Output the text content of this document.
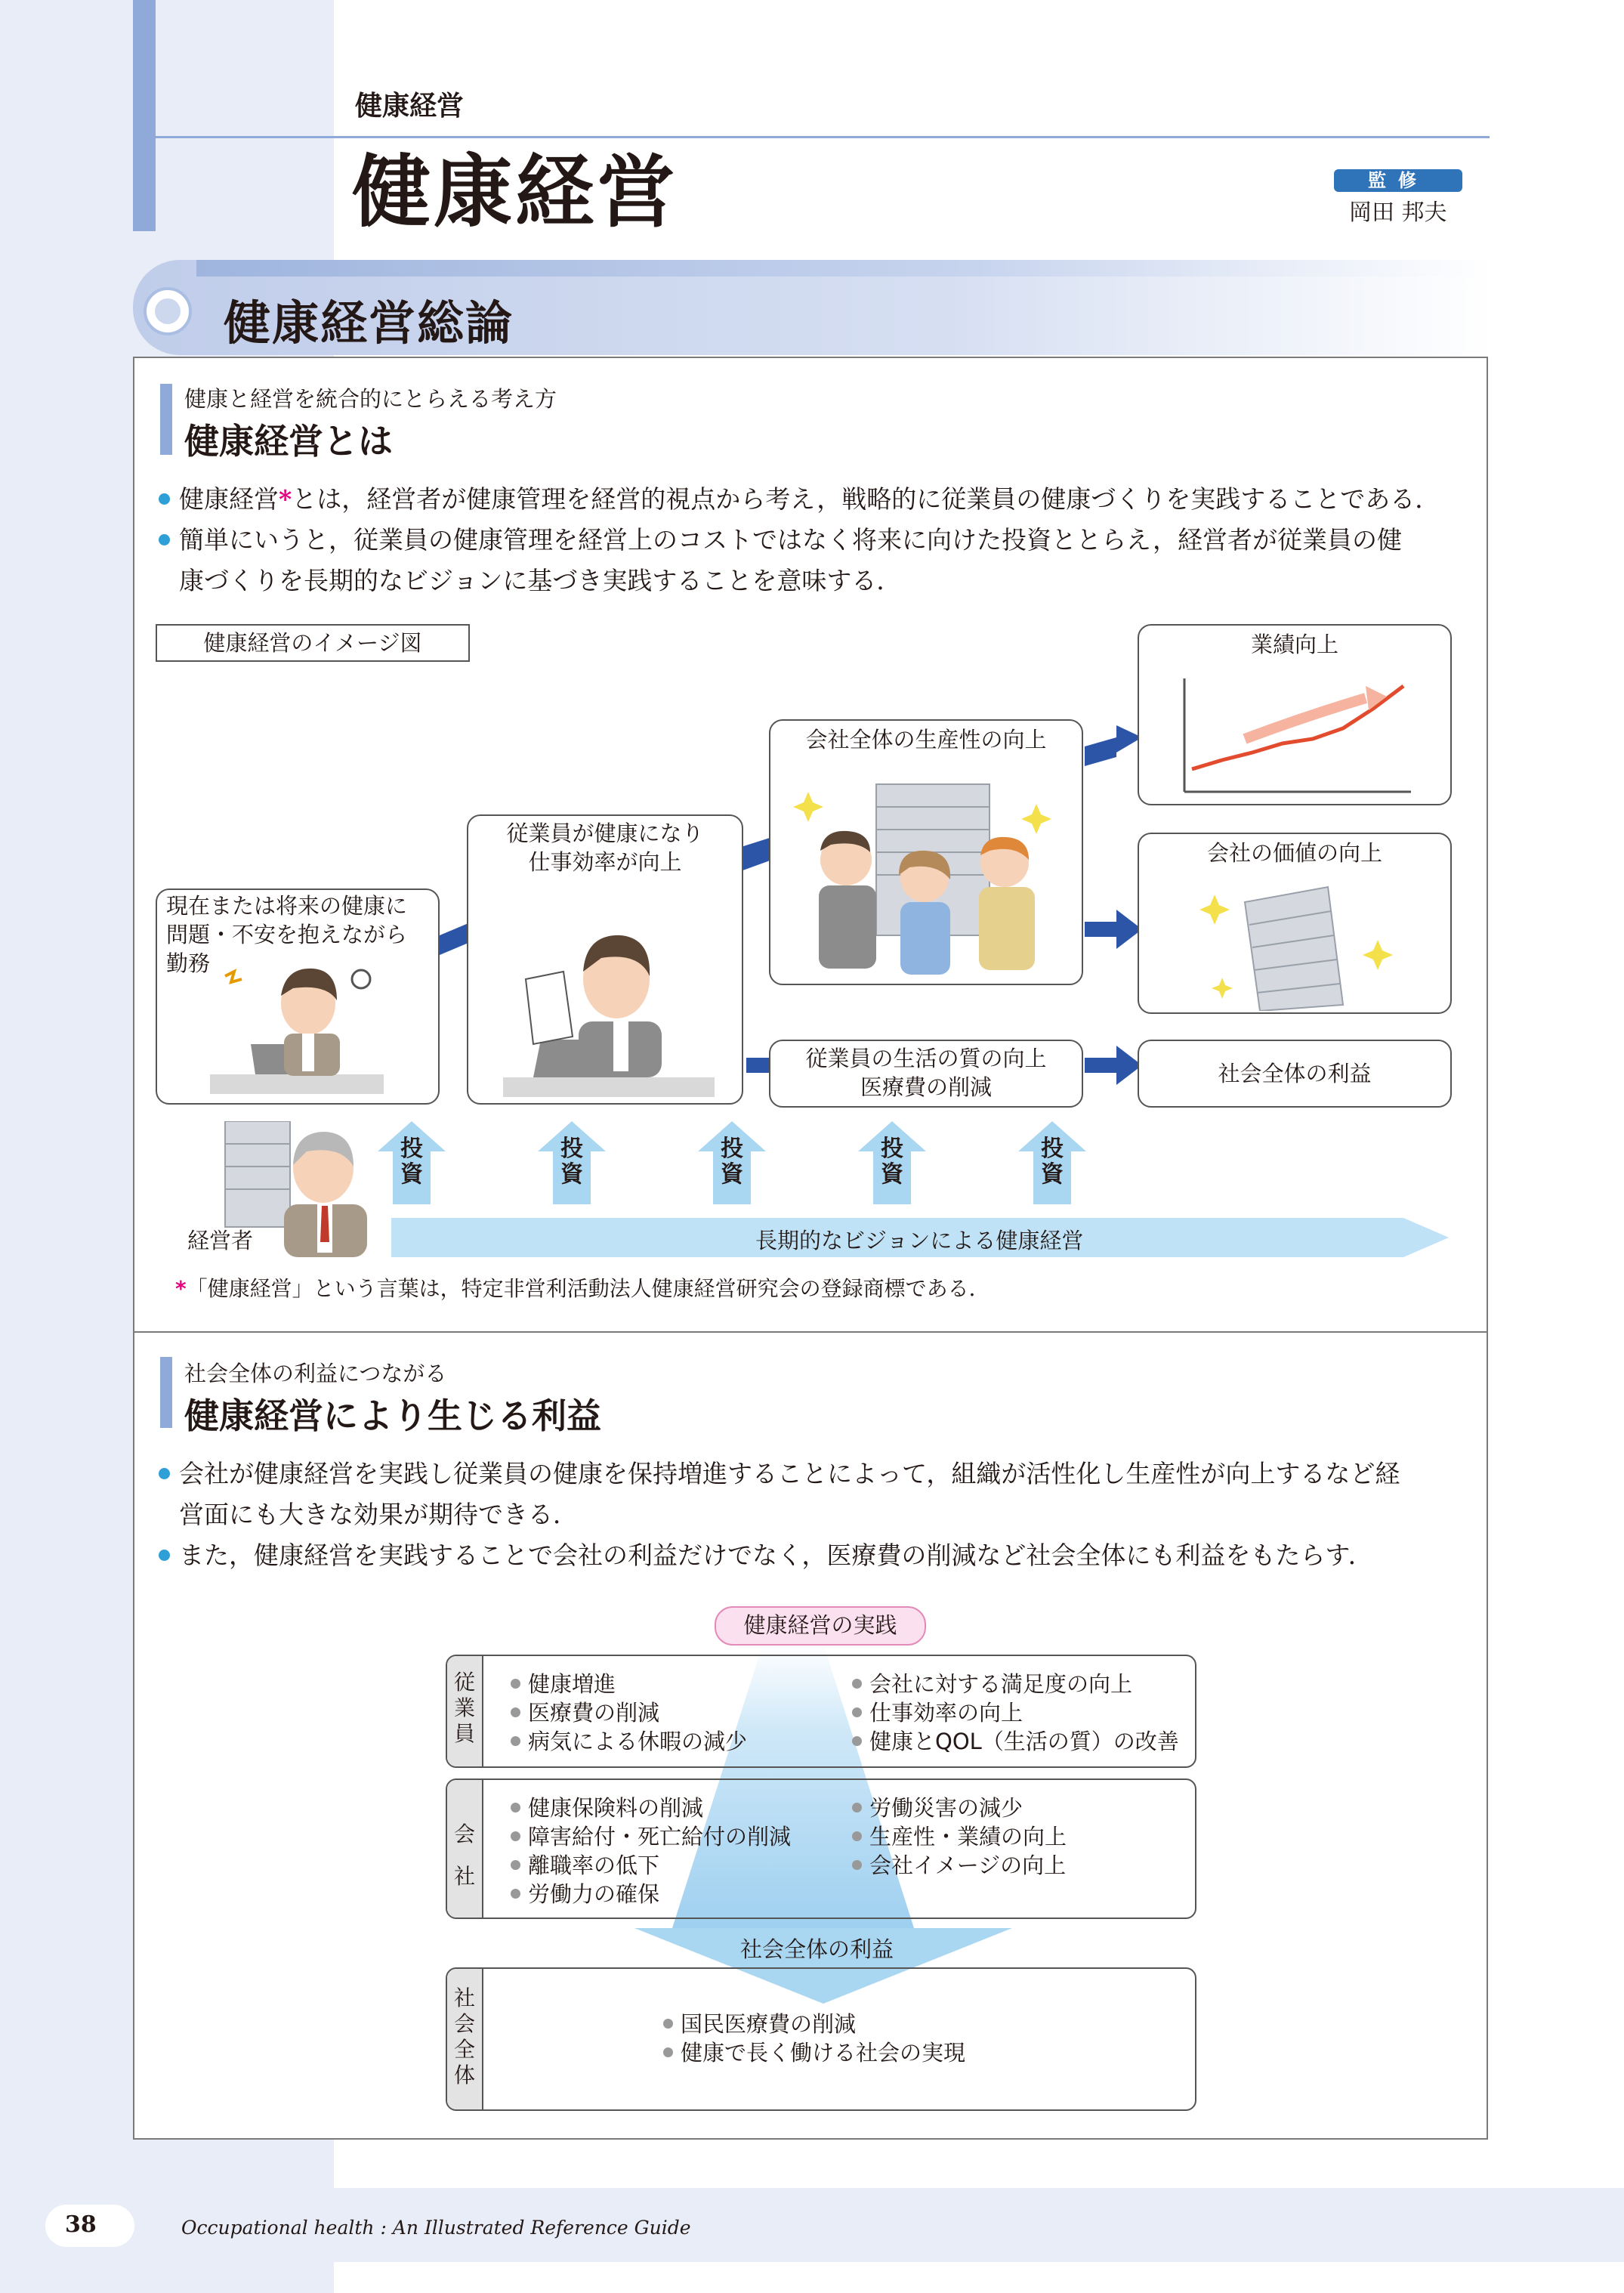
健康経営
健康経営	監修
岡田 邦夫
健康経営総論
健康と経営を統合的にとらえる考え方
健康経営とは
健康経営*とは，経営者が健康管理を経営的視点から考え，戦略的に従業員の健康づくりを実践することである．
簡単にいうと，従業員の健康管理を経営上のコストではなく将来に向けた投資ととらえ，経営者が従業員の健
康づくりを長期的なビジョンに基づき実践することを意味する．
健康経営のイメージ図
現在または将来の健康に
問題・不安を抱えながら
勤務
従業員が健康になり
仕事効率が向上
会社全体の生産性の向上
従業員の生活の質の向上
医療費の削減
業績向上
会社の価値の向上
社会全体の利益
投資
投資
投資
投資
投資
経営者	長期的なビジョンによる健康経営
*「健康経営」という言葉は，特定非営利活動法人健康経営研究会の登録商標である．
社会全体の利益につながる
健康経営により生じる利益
会社が健康経営を実践し従業員の健康を保持増進することによって，組織が活性化し生産性が向上するなど経
営面にも大きな効果が期待できる．
また，健康経営を実践することで会社の利益だけでなく，医療費の削減など社会全体にも利益をもたらす．
健康経営の実践
従業員
健康増進
医療費の削減
病気による休暇の減少
会社に対する満足度の向上
仕事効率の向上
健康とQOL（生活の質）の改善
会社
健康保険料の削減
障害給付・死亡給付の削減
離職率の低下
労働力の確保
労働災害の減少
生産性・業績の向上
会社イメージの向上
社会全体の利益
社会全体
国民医療費の削減
健康で長く働ける社会の実現
38	Occupational health : An Illustrated Reference Guide
